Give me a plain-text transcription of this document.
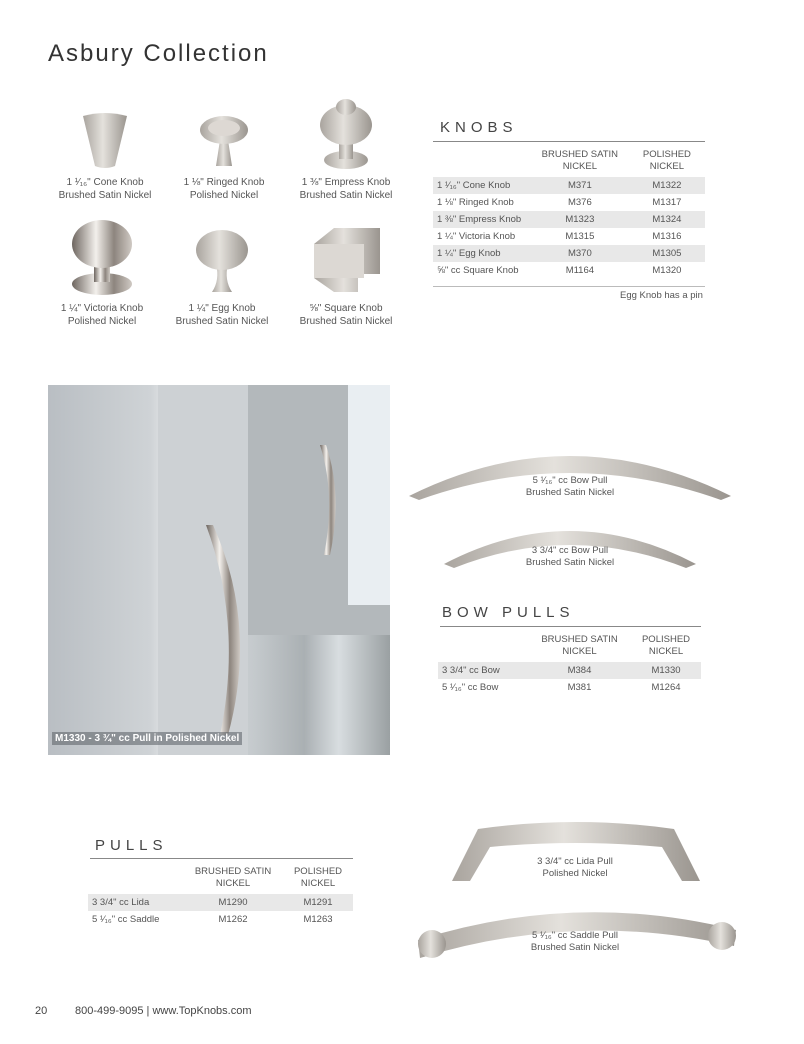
Asbury Collection
1 ¹⁄₁₆" Cone Knob
Brushed Satin Nickel
1 ⅛" Ringed Knob
Polished Nickel
1 ⅜" Empress Knob
Brushed Satin Nickel
1 ¼" Victoria Knob
Polished Nickel
1 ¼" Egg Knob
Brushed Satin Nickel
⅝" Square Knob
Brushed Satin Nickel
KNOBS
	BRUSHED SATIN NICKEL	POLISHED NICKEL
1 ¹⁄₁₆" Cone Knob	M371	M1322
1 ⅛" Ringed Knob	M376	M1317
1 ⅜" Empress Knob	M1323	M1324
1 ¼" Victoria Knob	M1315	M1316
1 ¼" Egg Knob	M370	M1305
⅝" cc Square Knob	M1164	M1320
Egg Knob has a pin
M1330 - 3 ¾" cc Pull in Polished Nickel
5 ¹⁄₁₆" cc Bow Pull
Brushed Satin Nickel
3 3/4" cc Bow Pull
Brushed Satin Nickel
BOW PULLS
	BRUSHED SATIN NICKEL	POLISHED NICKEL
3 3/4" cc Bow	M384	M1330
5 ¹⁄₁₆" cc Bow	M381	M1264
PULLS
	BRUSHED SATIN NICKEL	POLISHED NICKEL
3 3/4" cc Lida	M1290	M1291
5 ¹⁄₁₆" cc Saddle	M1262	M1263
3 3/4" cc Lida Pull
Polished Nickel
5 ¹⁄₁₆" cc Saddle Pull
Brushed Satin Nickel
20	800-499-9095 | www.TopKnobs.com
